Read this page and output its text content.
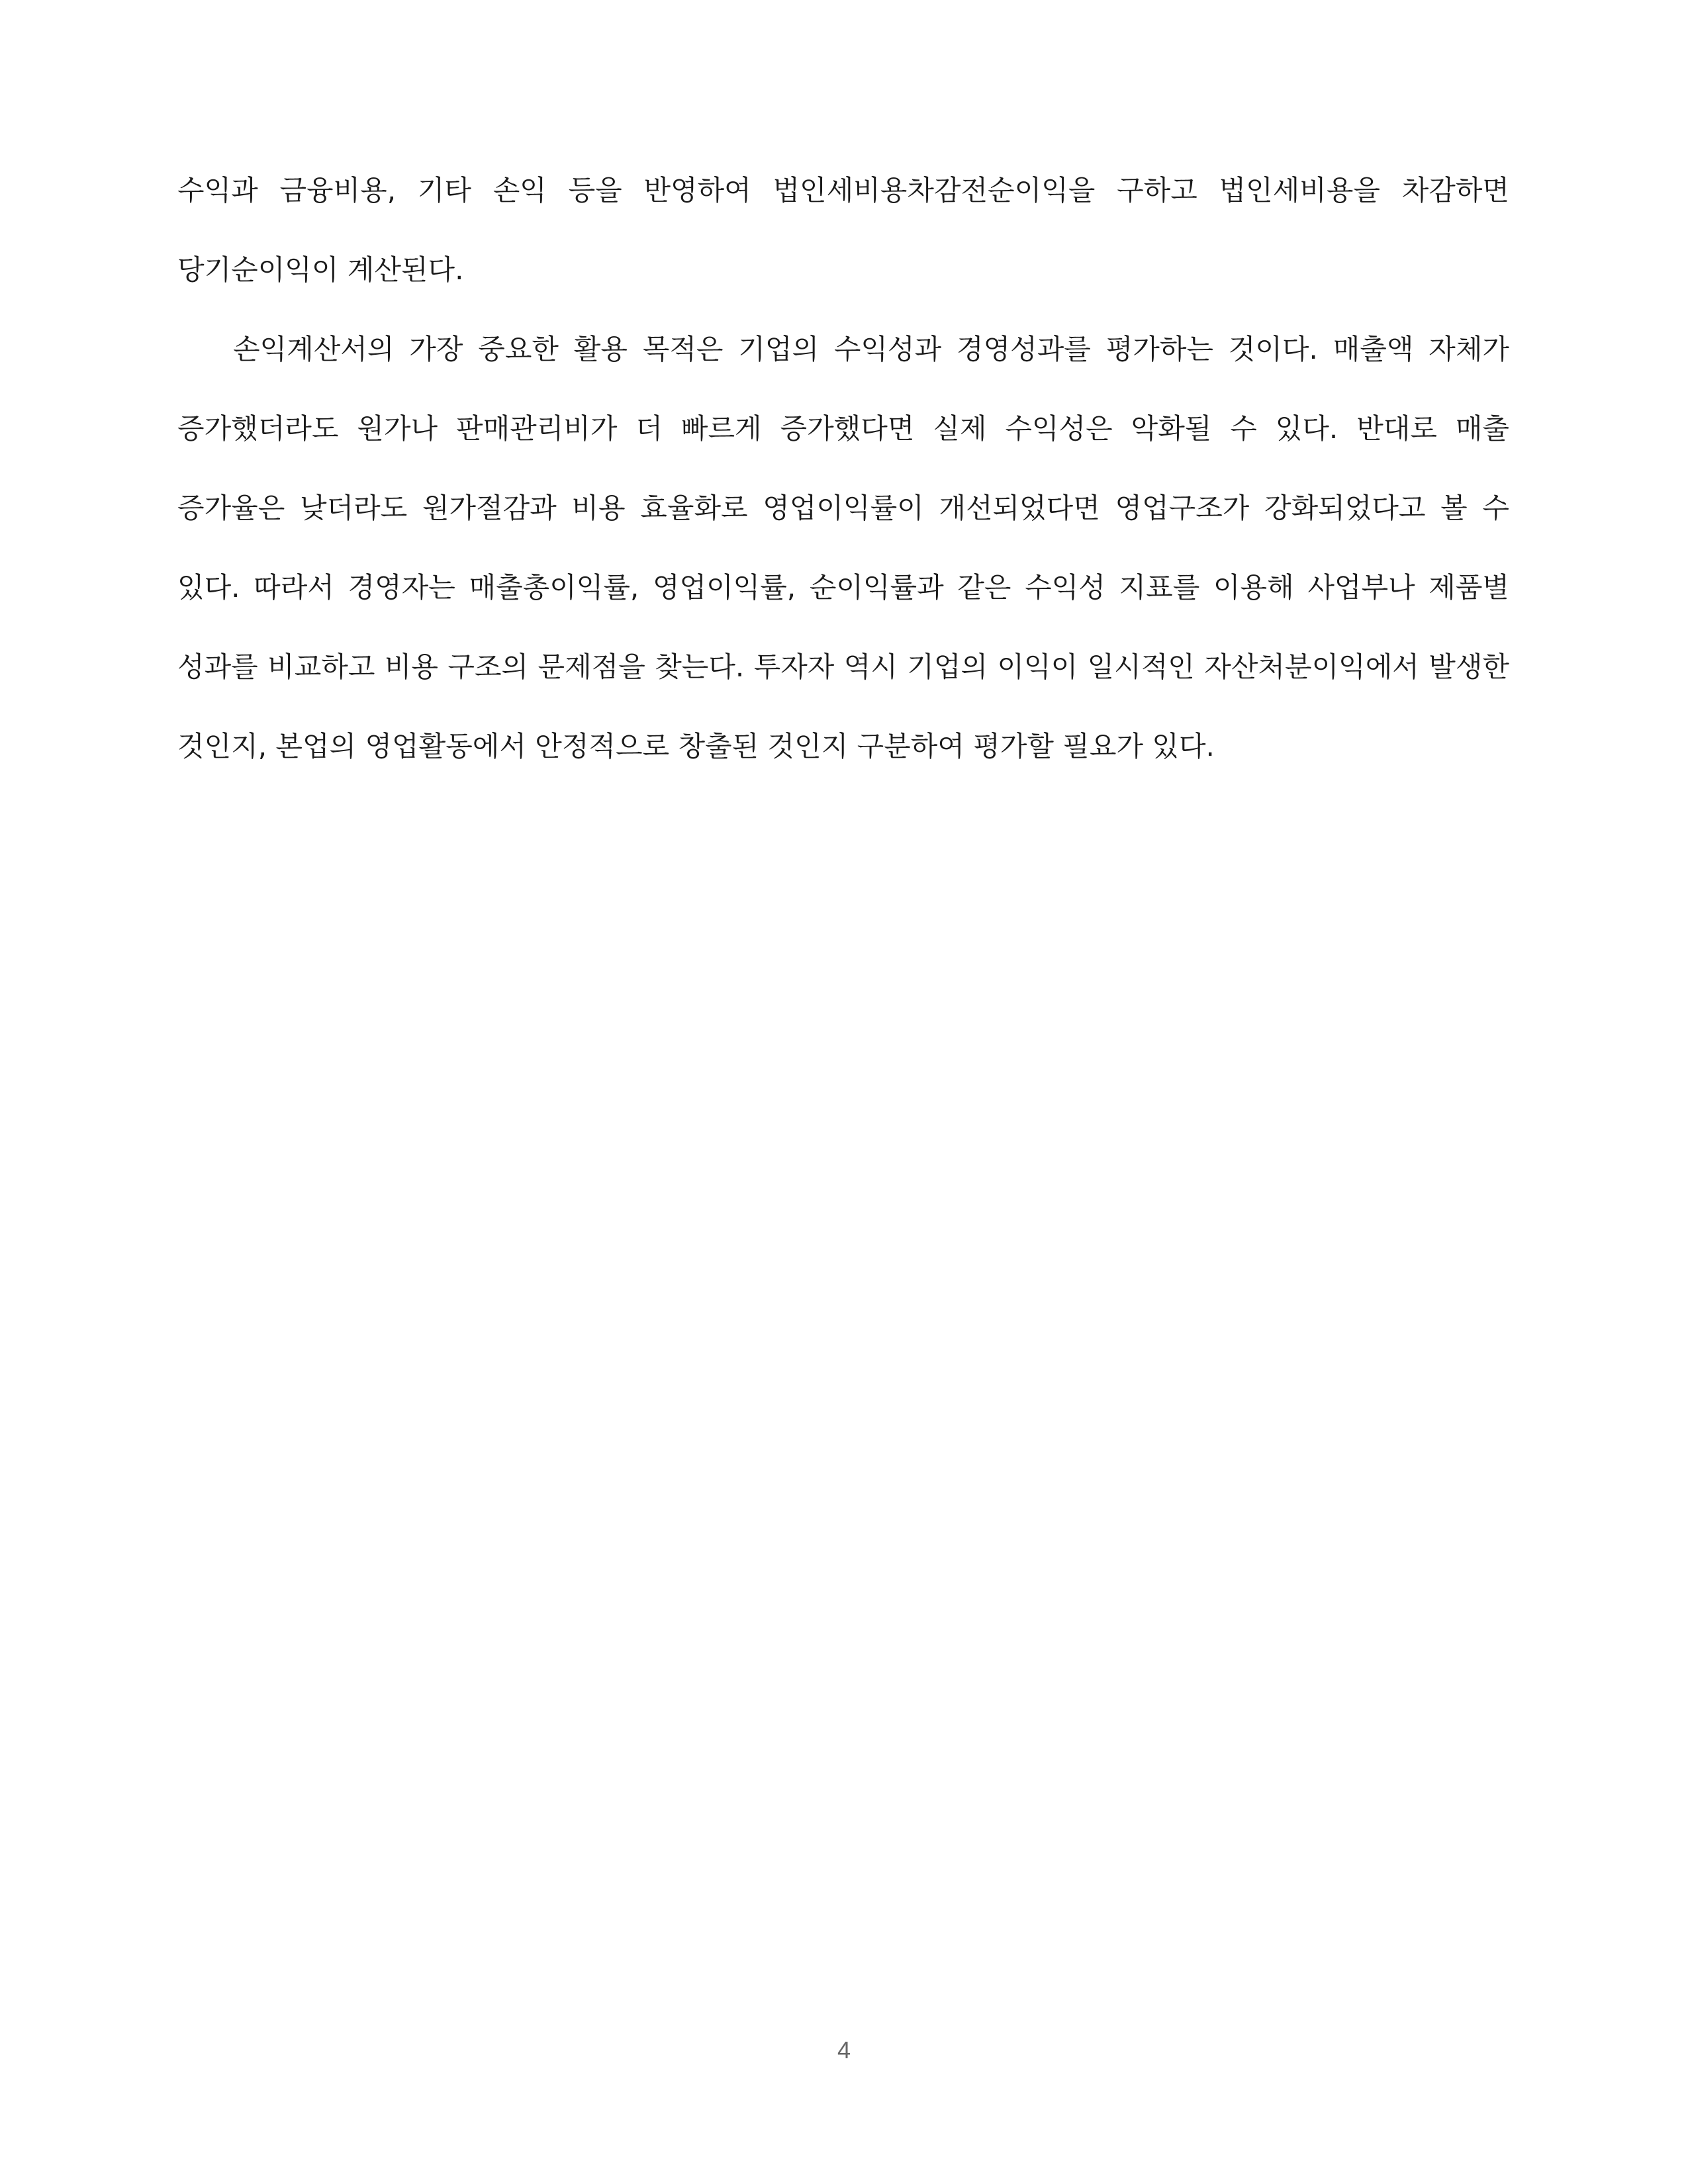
수익과 금융비용, 기타 손익 등을 반영하여 법인세비용차감전순이익을 구하고 법인세비용을 차감하면 당기순이익이 계산된다.

손익계산서의 가장 중요한 활용 목적은 기업의 수익성과 경영성과를 평가하는 것이다. 매출액 자체가 증가했더라도 원가나 판매관리비가 더 빠르게 증가했다면 실제 수익성은 악화될 수 있다. 반대로 매출 증가율은 낮더라도 원가절감과 비용 효율화로 영업이익률이 개선되었다면 영업구조가 강화되었다고 볼 수 있다. 따라서 경영자는 매출총이익률, 영업이익률, 순이익률과 같은 수익성 지표를 이용해 사업부나 제품별 성과를 비교하고 비용 구조의 문제점을 찾는다. 투자자 역시 기업의 이익이 일시적인 자산처분이익에서 발생한 것인지, 본업의 영업활동에서 안정적으로 창출된 것인지 구분하여 평가할 필요가 있다.

4
